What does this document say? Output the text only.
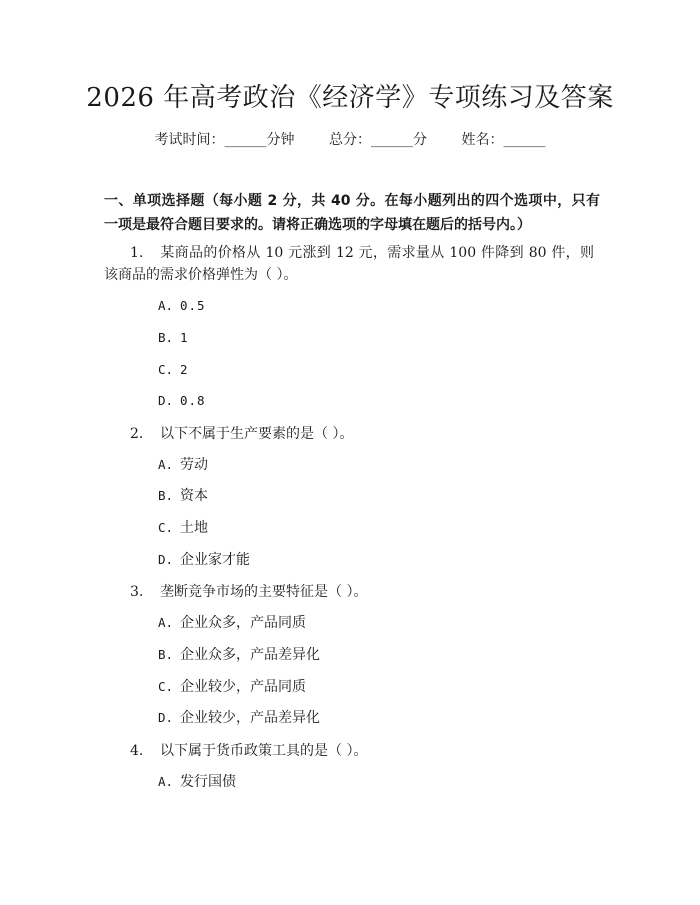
2026 年高考政治《经济学》专项练习及答案
考试时间：______分钟 总分：______分 姓名：______
一、单项选择题（每小题 2 分，共 40 分。在每小题列出的四个选项中，只有一项是最符合题目要求的。请将正确选项的字母填在题后的括号内。）
1. 某商品的价格从 10 元涨到 12 元，需求量从 100 件降到 80 件，则该商品的需求价格弹性为（ ）。
A. 0.5
B. 1
C. 2
D. 0.8
2. 以下不属于生产要素的是（ ）。
A. 劳动
B. 资本
C. 土地
D. 企业家才能
3. 垄断竞争市场的主要特征是（ ）。
A. 企业众多，产品同质
B. 企业众多，产品差异化
C. 企业较少，产品同质
D. 企业较少，产品差异化
4. 以下属于货币政策工具的是（ ）。
A. 发行国债
